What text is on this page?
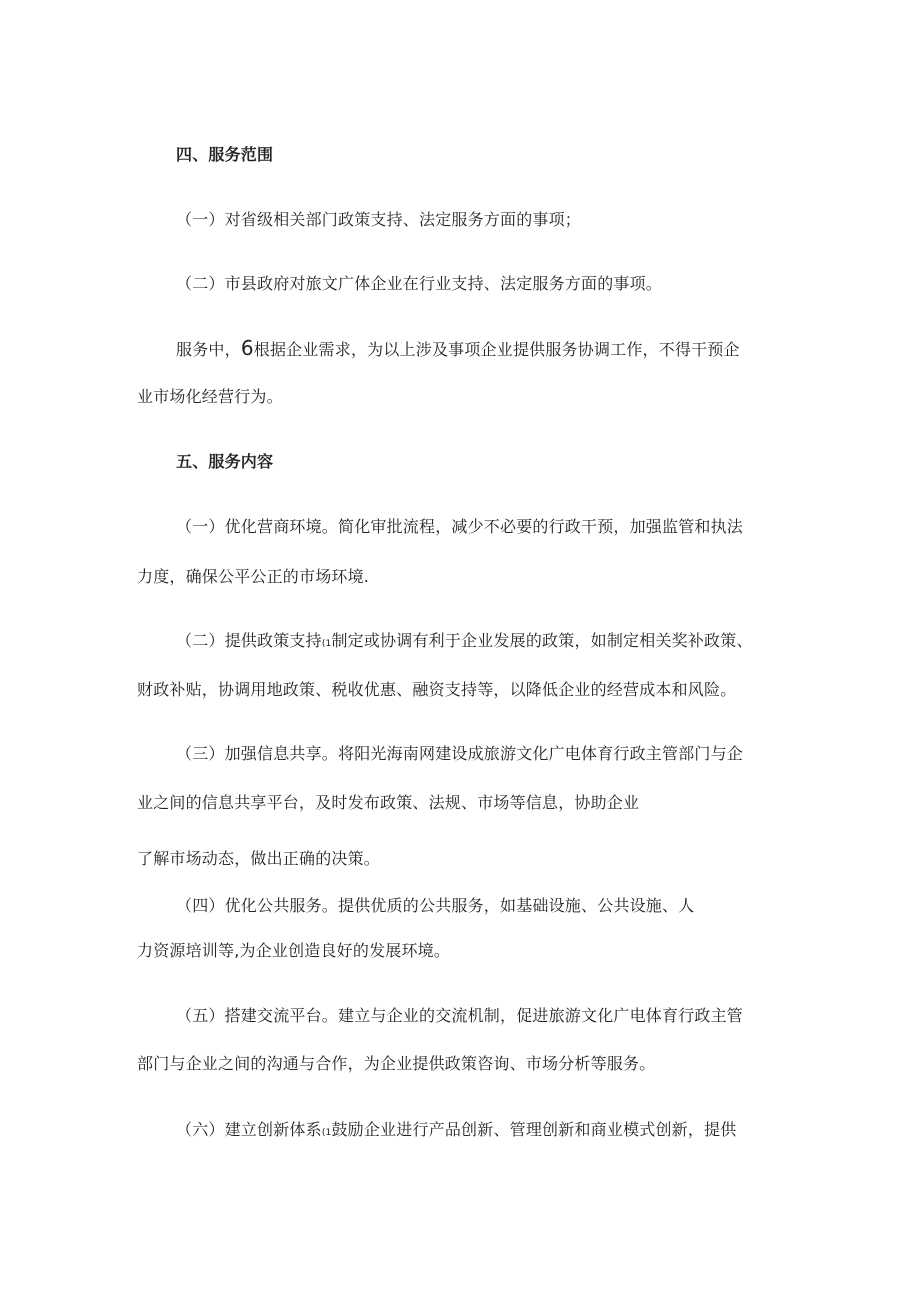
四、服务范围
（一）对省级相关部门政策支持、法定服务方面的事项；
（二）市县政府对旅文广体企业在行业支持、法定服务方面的事项。
服务中，6根据企业需求，为以上涉及事项企业提供服务协调工作，不得干预企
业市场化经营行为。
五、服务内容
（一）优化营商环境。简化审批流程，减少不必要的行政干预，加强监管和执法
力度，确保公平公正的市场环境.
（二）提供政策支持(1制定或协调有利于企业发展的政策，如制定相关奖补政策、
财政补贴，协调用地政策、税收优惠、融资支持等，以降低企业的经营成本和风险。
（三）加强信息共享。将阳光海南网建设成旅游文化广电体育行政主管部门与企
业之间的信息共享平台，及时发布政策、法规、市场等信息，协助企业
了解市场动态，做出正确的决策。
（四）优化公共服务。提供优质的公共服务，如基础设施、公共设施、人
力资源培训等,为企业创造良好的发展环境。
（五）搭建交流平台。建立与企业的交流机制，促进旅游文化广电体育行政主管
部门与企业之间的沟通与合作，为企业提供政策咨询、市场分析等服务。
（六）建立创新体系(1鼓励企业进行产品创新、管理创新和商业模式创新，提供
